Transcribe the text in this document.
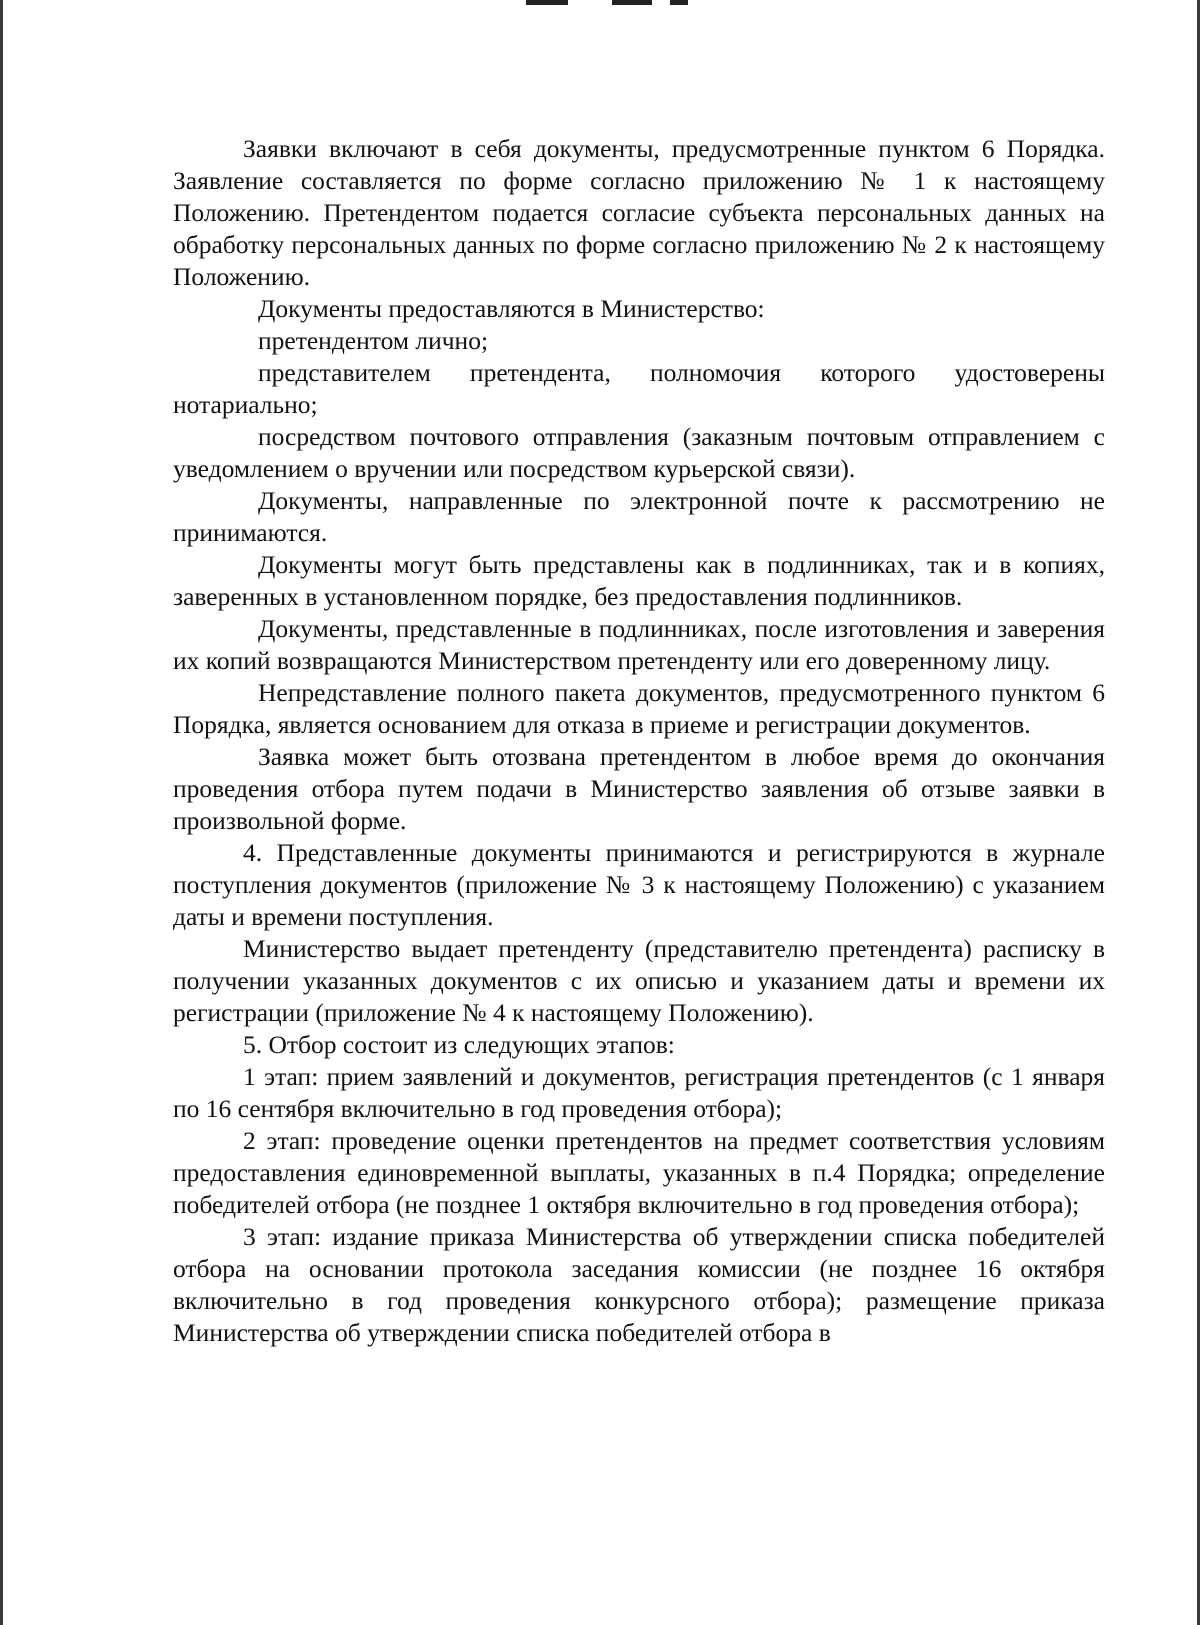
Заявки включают в себя документы, предусмотренные пунктом 6 Порядка. Заявление составляется по форме согласно приложению № 1 к настоящему Положению. Претендентом подается согласие субъекта персональных данных на обработку персональных данных по форме согласно приложению № 2 к настоящему Положению.

Документы предоставляются в Министерство:

претендентом лично;

представителем претендента, полномочия которого удостоверены нотариально;

посредством почтового отправления (заказным почтовым отправлением с уведомлением о вручении или посредством курьерской связи).

Документы, направленные по электронной почте к рассмотрению не принимаются.

Документы могут быть представлены как в подлинниках, так и в копиях, заверенных в установленном порядке, без предоставления подлинников.

Документы, представленные в подлинниках, после изготовления и заверения их копий возвращаются Министерством претенденту или его доверенному лицу.

Непредставление полного пакета документов, предусмотренного пунктом 6 Порядка, является основанием для отказа в приеме и регистрации документов.

Заявка может быть отозвана претендентом в любое время до окончания проведения отбора путем подачи в Министерство заявления об отзыве заявки в произвольной форме.

4. Представленные документы принимаются и регистрируются в журнале поступления документов (приложение № 3 к настоящему Положению) с указанием даты и времени поступления.

Министерство выдает претенденту (представителю претендента) расписку в получении указанных документов с их описью и указанием даты и времени их регистрации (приложение № 4 к настоящему Положению).

5. Отбор состоит из следующих этапов:

1 этап: прием заявлений и документов, регистрация претендентов (с 1 января по 16 сентября включительно в год проведения отбора);

2 этап: проведение оценки претендентов на предмет соответствия условиям предоставления единовременной выплаты, указанных в п.4 Порядка; определение победителей отбора (не позднее 1 октября включительно в год проведения отбора);

3 этап: издание приказа Министерства об утверждении списка победителей отбора на основании протокола заседания комиссии (не позднее 16 октября включительно в год проведения конкурсного отбора); размещение приказа Министерства об утверждении списка победителей отбора в
